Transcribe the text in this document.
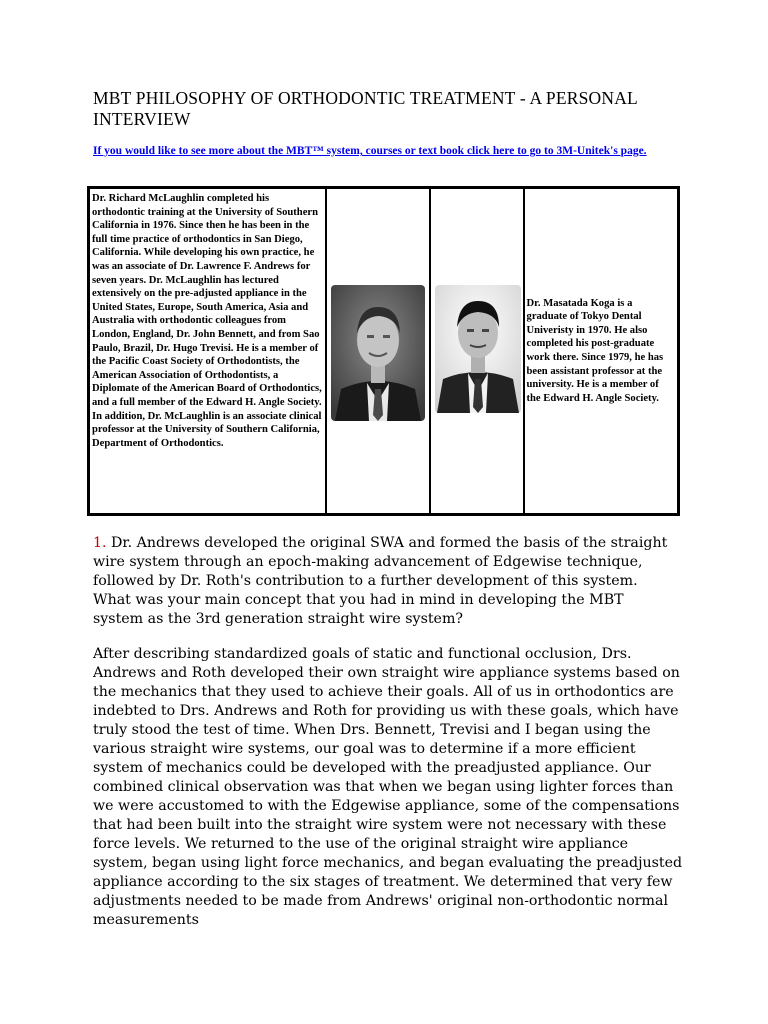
MBT PHILOSOPHY OF ORTHODONTIC TREATMENT - A PERSONAL INTERVIEW
If you would like to see more about the MBT™ system, courses or text book click here to go to 3M-Unitek's page.
Dr. Richard McLaughlin completed his orthodontic training at the University of Southern California in 1976. Since then he has been in the full time practice of orthodontics in San Diego, California. While developing his own practice, he was an associate of Dr. Lawrence F. Andrews for seven years. Dr. McLaughlin has lectured extensively on the pre-adjusted appliance in the United States, Europe, South America, Asia and Australia with orthodontic colleagues from London, England, Dr. John Bennett, and from Sao Paulo, Brazil, Dr. Hugo Trevisi. He is a member of the Pacific Coast Society of Orthodontists, the American Association of Orthodontists, a Diplomate of the American Board of Orthodontics, and a full member of the Edward H. Angle Society. In addition, Dr. McLaughlin is an associate clinical professor at the University of Southern California, Department of Orthodontics.
Dr. Masatada Koga is a graduate of Tokyo Dental Univeristy in 1970. He also completed his post-graduate work there. Since 1979, he has been assistant professor at the university. He is a member of the Edward H. Angle Society.
1. Dr. Andrews developed the original SWA and formed the basis of the straight wire system through an epoch-making advancement of Edgewise technique, followed by Dr. Roth's contribution to a further development of this system. What was your main concept that you had in mind in developing the MBT system as the 3rd generation straight wire system?
After describing standardized goals of static and functional occlusion, Drs. Andrews and Roth developed their own straight wire appliance systems based on the mechanics that they used to achieve their goals. All of us in orthodontics are indebted to Drs. Andrews and Roth for providing us with these goals, which have truly stood the test of time. When Drs. Bennett, Trevisi and I began using the various straight wire systems, our goal was to determine if a more efficient system of mechanics could be developed with the preadjusted appliance. Our combined clinical observation was that when we began using lighter forces than we were accustomed to with the Edgewise appliance, some of the compensations that had been built into the straight wire system were not necessary with these force levels. We returned to the use of the original straight wire appliance system, began using light force mechanics, and began evaluating the preadjusted appliance according to the six stages of treatment. We determined that very few adjustments needed to be made from Andrews' original non-orthodontic normal measurements
